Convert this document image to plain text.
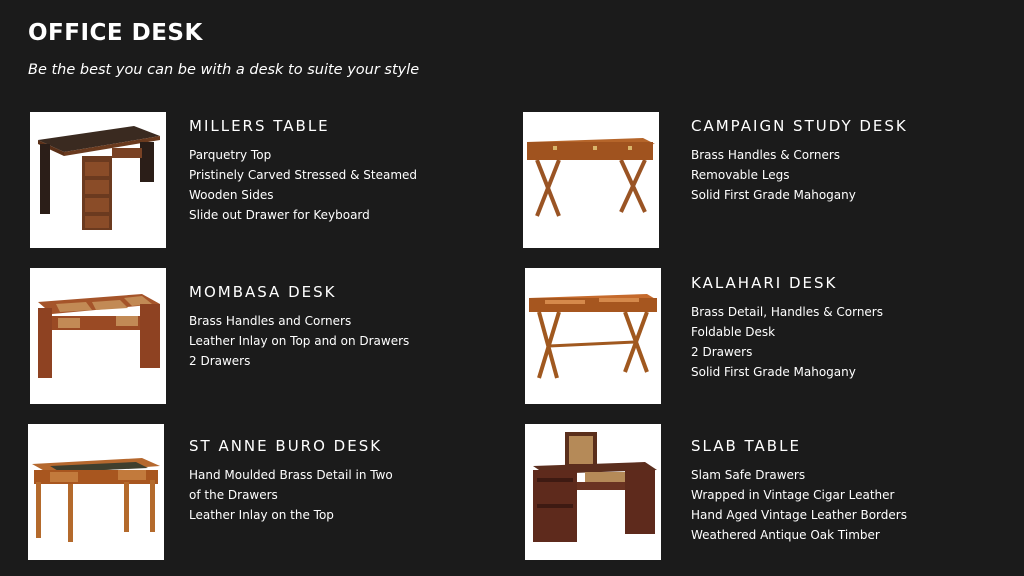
OFFICE DESK
Be the best you can be with a desk to suite your style
MILLERS TABLE
Parquetry Top
Pristinely Carved Stressed & Steamed
Wooden Sides
Slide out Drawer for Keyboard
CAMPAIGN STUDY DESK
Brass Handles & Corners
Removable Legs
Solid First Grade Mahogany
MOMBASA DESK
Brass Handles and Corners
Leather Inlay on Top and on Drawers
2 Drawers
KALAHARI DESK
Brass Detail, Handles & Corners
Foldable Desk
2 Drawers
Solid First Grade Mahogany
ST ANNE BURO DESK
Hand Moulded Brass Detail in Two
of the Drawers
Leather Inlay on the Top
SLAB TABLE
Slam Safe Drawers
Wrapped in Vintage Cigar Leather
Hand Aged Vintage Leather Borders
Weathered Antique Oak Timber
